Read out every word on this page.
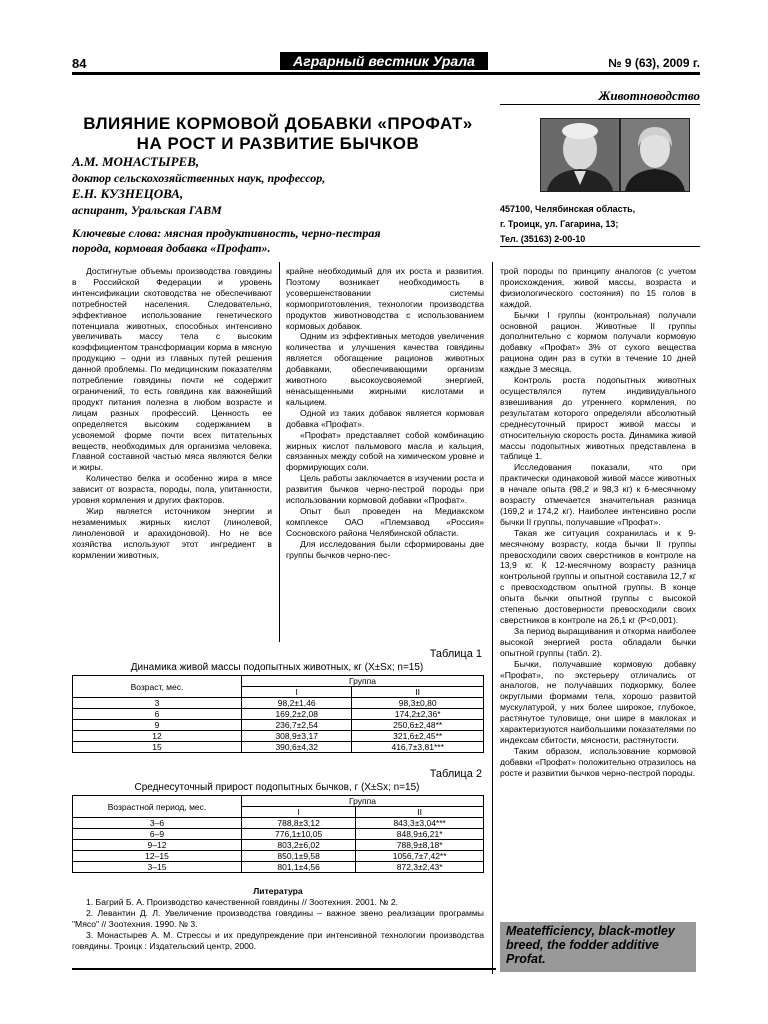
84	Аграрный вестник Урала	№ 9 (63), 2009 г.
Животноводство
ВЛИЯНИЕ КОРМОВОЙ ДОБАВКИ «ПРОФАТ»
НА РОСТ И РАЗВИТИЕ БЫЧКОВ
А.М. МОНАСТЫРЕВ,
доктор сельскохозяйственных наук, профессор,
Е.Н. КУЗНЕЦОВА,
аспирант, Уральская ГАВМ	457100, Челябинская область,
г. Троицк, ул. Гагарина, 13;
Тел. (35163) 2-00-10
Ключевые слова: мясная продуктивность, черно-пестрая
порода, кормовая добавка «Профат».

Достигнутые объемы производства говядины в Российской Федерации и уровень интенсификации скотоводства не обеспечивают потребностей населения. Следовательно, эффективное использование генетического потенциала животных, способных интенсивно увеличивать массу тела с высоким коэффициентом трансформации корма в мясную продукцию – одни из главных путей решения данной проблемы. По медицинским показателям потребление говядины почти не содержит ограничений, то есть говядина как важнейший продукт питания полезна в любом возрасте и лицам разных профессий. Ценность ее определяется высоким содержанием в усвояемой форме почти всех питательных веществ, необходимых для организма человека. Главной составной частью мяса являются белки и жиры.

Количество белка и особенно жира в мясе зависит от возраста, породы, пола, упитанности, уровня кормления и других факторов.

Жир является источником энергии и незаменимых жирных кислот (линолевой, линоленовой и арахидоновой). Но не все хозяйства используют этот ингредиент в кормлении животных,

крайне необходимый для их роста и развития. Поэтому возникает необходимость в усовершенствовании системы кормоприготовления, технологии производства продуктов животноводства с использованием кормовых добавок.

Одним из эффективных методов увеличения количества и улучшения качества говядины является обогащение рационов животных добавками, обеспечивающими организм животного высокоусвояемой энергией, ненасыщенными жирными кислотами и кальцием.

Одной из таких добавок является кормовая добавка «Профат».

«Профат» представляет собой комбинацию жирных кислот пальмового масла и кальция, связанных между собой на химическом уровне и формирующих соли.

Цель работы заключается в изучении роста и развития бычков черно-пестрой породы при использовании кормовой добавки «Профат».

Опыт был проведен на Медиакском комплексе ОАО «Племзавод «Россия» Сосновского района Челябинской области.

Для исследования были сформированы две группы бычков черно-пес-

трой породы по принципу аналогов (с учетом происхождения, живой массы, возраста и физиологического состояния) по 15 голов в каждой.

Бычки I группы (контрольная) получали основной рацион. Животные II группы дополнительно с кормом получали кормовую добавку «Профат» 3% от сухого вещества рациона один раз в сутки в течение 10 дней каждые 3 месяца.

Контроль роста подопытных животных осуществлялся путем индивидуального взвешивания до утреннего кормления, по результатам которого определяли абсолютный среднесуточный прирост живой массы и относительную скорость роста. Динамика живой массы подопытных животных представлена в таблице 1.

Исследования показали, что при практически одинаковой живой массе животных в начале опыта (98,2 и 98,3 кг) к 6-месячному возрасту отмечается значительная разница (169,2 и 174,2 кг). Наиболее интенсивно росли бычки II группы, получавшие «Профат».

Такая же ситуация сохранилась и к 9-месячному возрасту, когда бычки II группы превосходили своих сверстников в контроле на 13,9 кг. К 12-месячному возрасту разница контрольной группы и опытной составила 12,7 кг с превосходством опытной группы. В конце опыта бычки опытной группы с высокой степенью достоверности превосходили своих сверстников в контроле на 26,1 кг (P<0,001).

За период выращивания и откорма наиболее высокой энергией роста обладали бычки опытной группы (табл. 2).

Бычки, получавшие кормовую добавку «Профат», по экстерьеру отличались от аналогов, не получавших подкормку, более округлыми формами тела, хорошо развитой мускулатурой, у них более широкое, глубокое, растянутое туловище, они шире в маклоках и характеризуются наибольшими показателями по индексам сбитости, мясности, растянутости.

Таким образом, использование кормовой добавки «Профат» положительно отразилось на росте и развитии бычков черно-пестрой породы.

Таблица 1
Динамика живой массы подопытных животных, кг (X±Sx; n=15)
Возраст, мес.	Группа	
	I	II
3	98,2±1,46	98,3±0,80
6	169,2±2,08	174,2±2,36*
9	236,7±2,54	250,6±2,48**
12	308,9±3,17	321,6±2,45**
15	390,6±4,32	416,7±3,81***
Таблица 2
Среднесуточный прирост подопытных бычков, г (X±Sx; n=15)
Возрастной период, мес.	Группа	
	I	II
3–6	788,8±3,12	843,3±3,04***
6–9	776,1±10,05	848,9±6,21*
9–12	803,2±6,02	788,9±8,18*
12–15	850,1±9,58	1056,7±7,42**
3–15	801,1±4,56	872,3±2,43*
Литература

1. Багрий Б. А. Производство качественной говядины // Зоотехния. 2001. № 2.

2. Левантин Д. Л. Увеличение производства говядины – важное звено реализации программы "Мясо" // Зоотехния. 1990. № 3.

3. Монастырев А. М. Стрессы и их предупреждение при интенсивной технологии производства говядины. Троицк : Издательский центр, 2000.

Meatefficiency, black-motley breed, the fodder additive Profat.
